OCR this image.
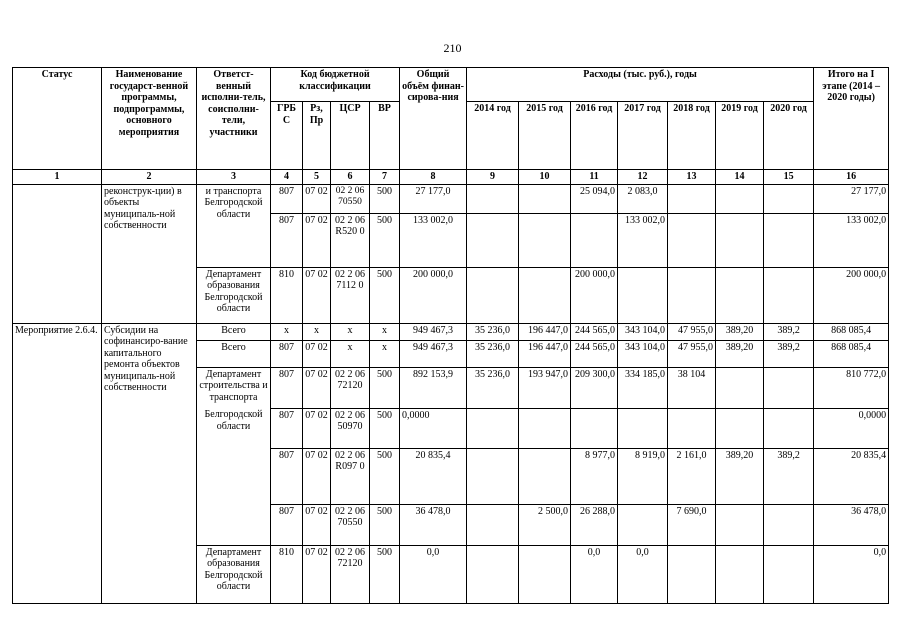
210
Статус	Наименование государст-венной программы, подпрограммы, основного мероприятия	Ответст-венный исполни-тель, соисполни-тели, участники	Код бюджетной классификации				Общий объём финан-сирова-ния	Расходы (тыс. руб.), годы							Итого на I этапе (2014 – 2020 годы)
			ГРБ С	Рз, Пр	ЦСР	ВР		2014 год	2015 год	2016 год	2017 год	2018 год	2019 год	2020 год	
1	2	3	4	5	6	7	8	9	10	11	12	13	14	15	16
	реконструк-ции) в объекты муниципаль-ной собственности	и транспорта Белгородской области	807	07 02	02 2 06 70550	500	27 177,0			25 094,0	2 083,0				27 177,0
			807	07 02	02 2 06 R520 0	500	133 002,0				133 002,0				133 002,0
		Департамент образования Белгородской области	810	07 02	02 2 06 7112 0	500	200 000,0			200 000,0					200 000,0
Мероприятие 2.6.4.	Субсидии на софинансиро-вание капитального ремонта объектов муниципаль-ной собственности	Всего	x	x	x	x	949 467,3	35 236,0	196 447,0	244 565,0	343 104,0	47 955,0	389,20	389,2	868 085,4
		Всего	807	07 02	x	x	949 467,3	35 236,0	196 447,0	244 565,0	343 104,0	47 955,0	389,20	389,2	868 085,4
		Департамент строительства и транспорта	807	07 02	02 2 06 72120	500	892 153,9	35 236,0	193 947,0	209 300,0	334 185,0	38 104			810 772,0
		Белгородской области	807	07 02	02 2 06 50970	500	0,0000								0,0000
			807	07 02	02 2 06 R097 0	500	20 835,4			8 977,0	8 919,0	2 161,0	389,20	389,2	20 835,4
			807	07 02	02 2 06 70550	500	36 478,0		2 500,0	26 288,0		7 690,0			36 478,0
		Департамент образования Белгородской области	810	07 02	02 2 06 72120	500	0,0			0,0	0,0				0,0
